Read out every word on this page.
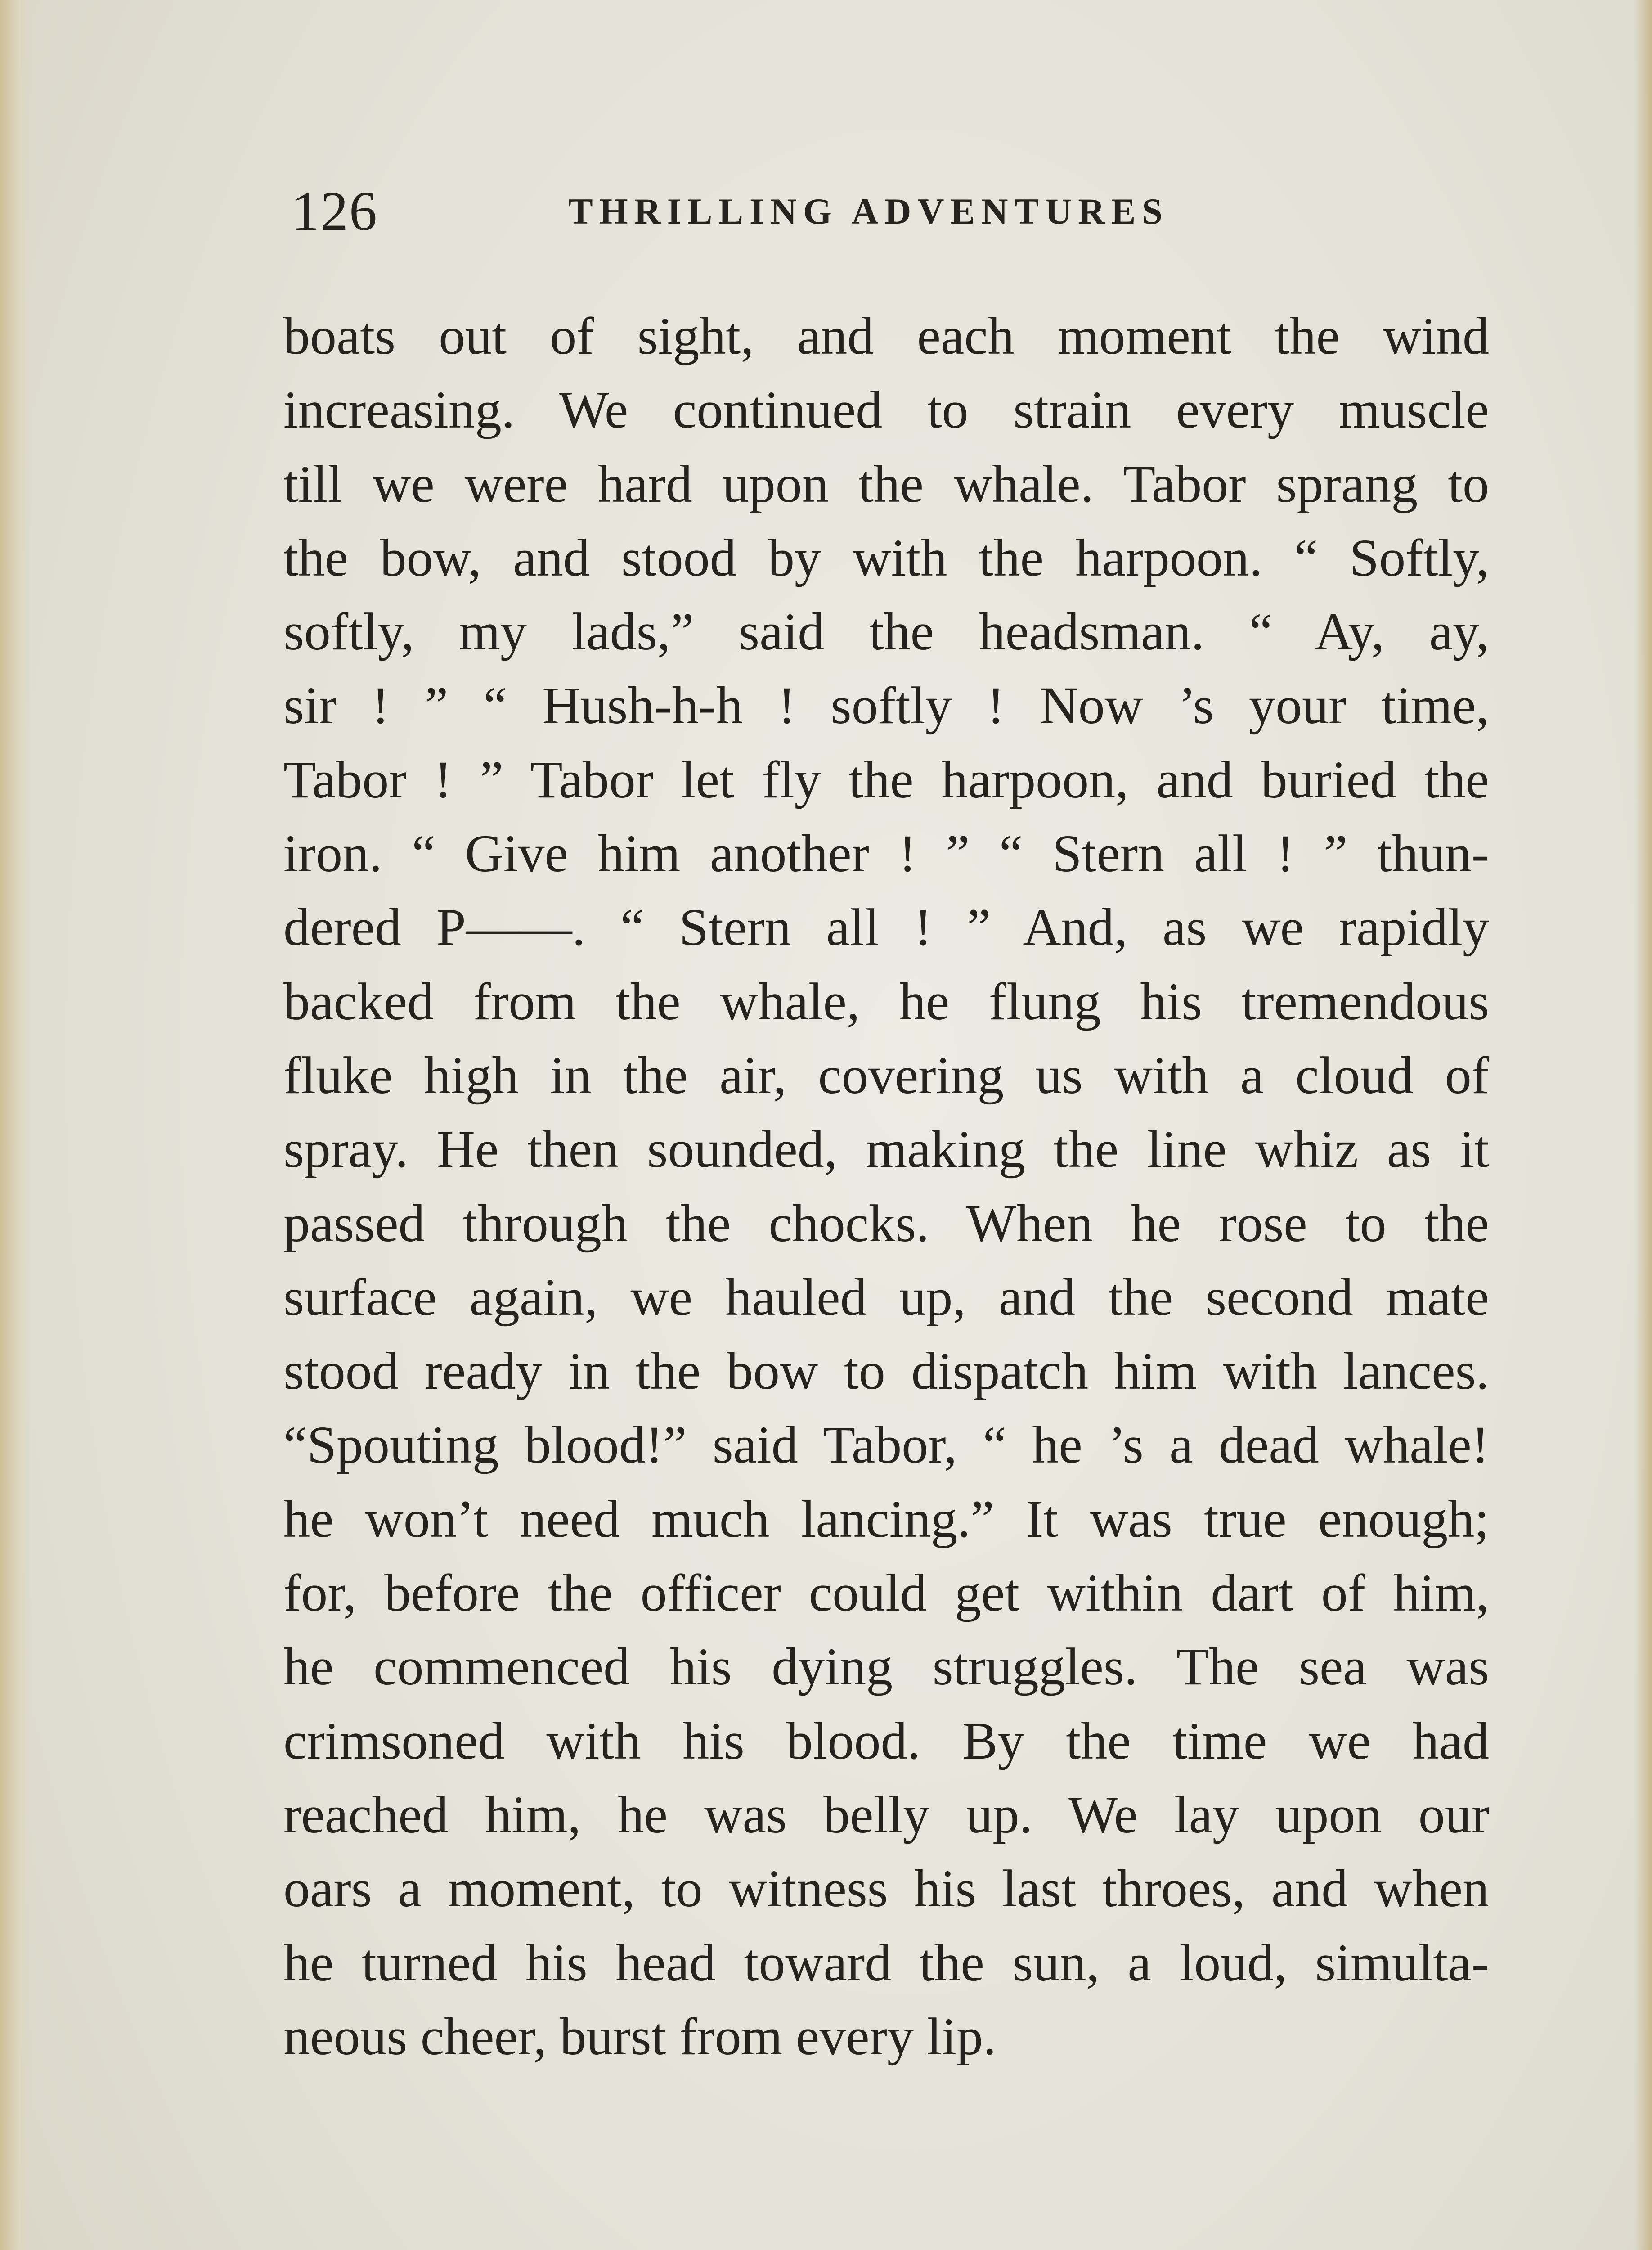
126	THRILLING ADVENTURES
boats out of sight, and each moment the wind
increasing. We continued to strain every muscle
till we were hard upon the whale. Tabor sprang to
the bow, and stood by with the harpoon. “ Softly,
softly, my lads,” said the headsman. “ Ay, ay,
sir ! ” “ Hush-h-h ! softly ! Now ’s your time,
Tabor ! ” Tabor let fly the harpoon, and buried the
iron. “ Give him another ! ” “ Stern all ! ” thun-
dered P——. “ Stern all ! ” And, as we rapidly
backed from the whale, he flung his tremendous
fluke high in the air, covering us with a cloud of
spray. He then sounded, making the line whiz as it
passed through the chocks. When he rose to the
surface again, we hauled up, and the second mate
stood ready in the bow to dispatch him with lances.
“Spouting blood!” said Tabor, “ he ’s a dead whale!
he won’t need much lancing.” It was true enough;
for, before the officer could get within dart of him,
he commenced his dying struggles. The sea was
crimsoned with his blood. By the time we had
reached him, he was belly up. We lay upon our
oars a moment, to witness his last throes, and when
he turned his head toward the sun, a loud, simulta-
neous cheer, burst from every lip.
